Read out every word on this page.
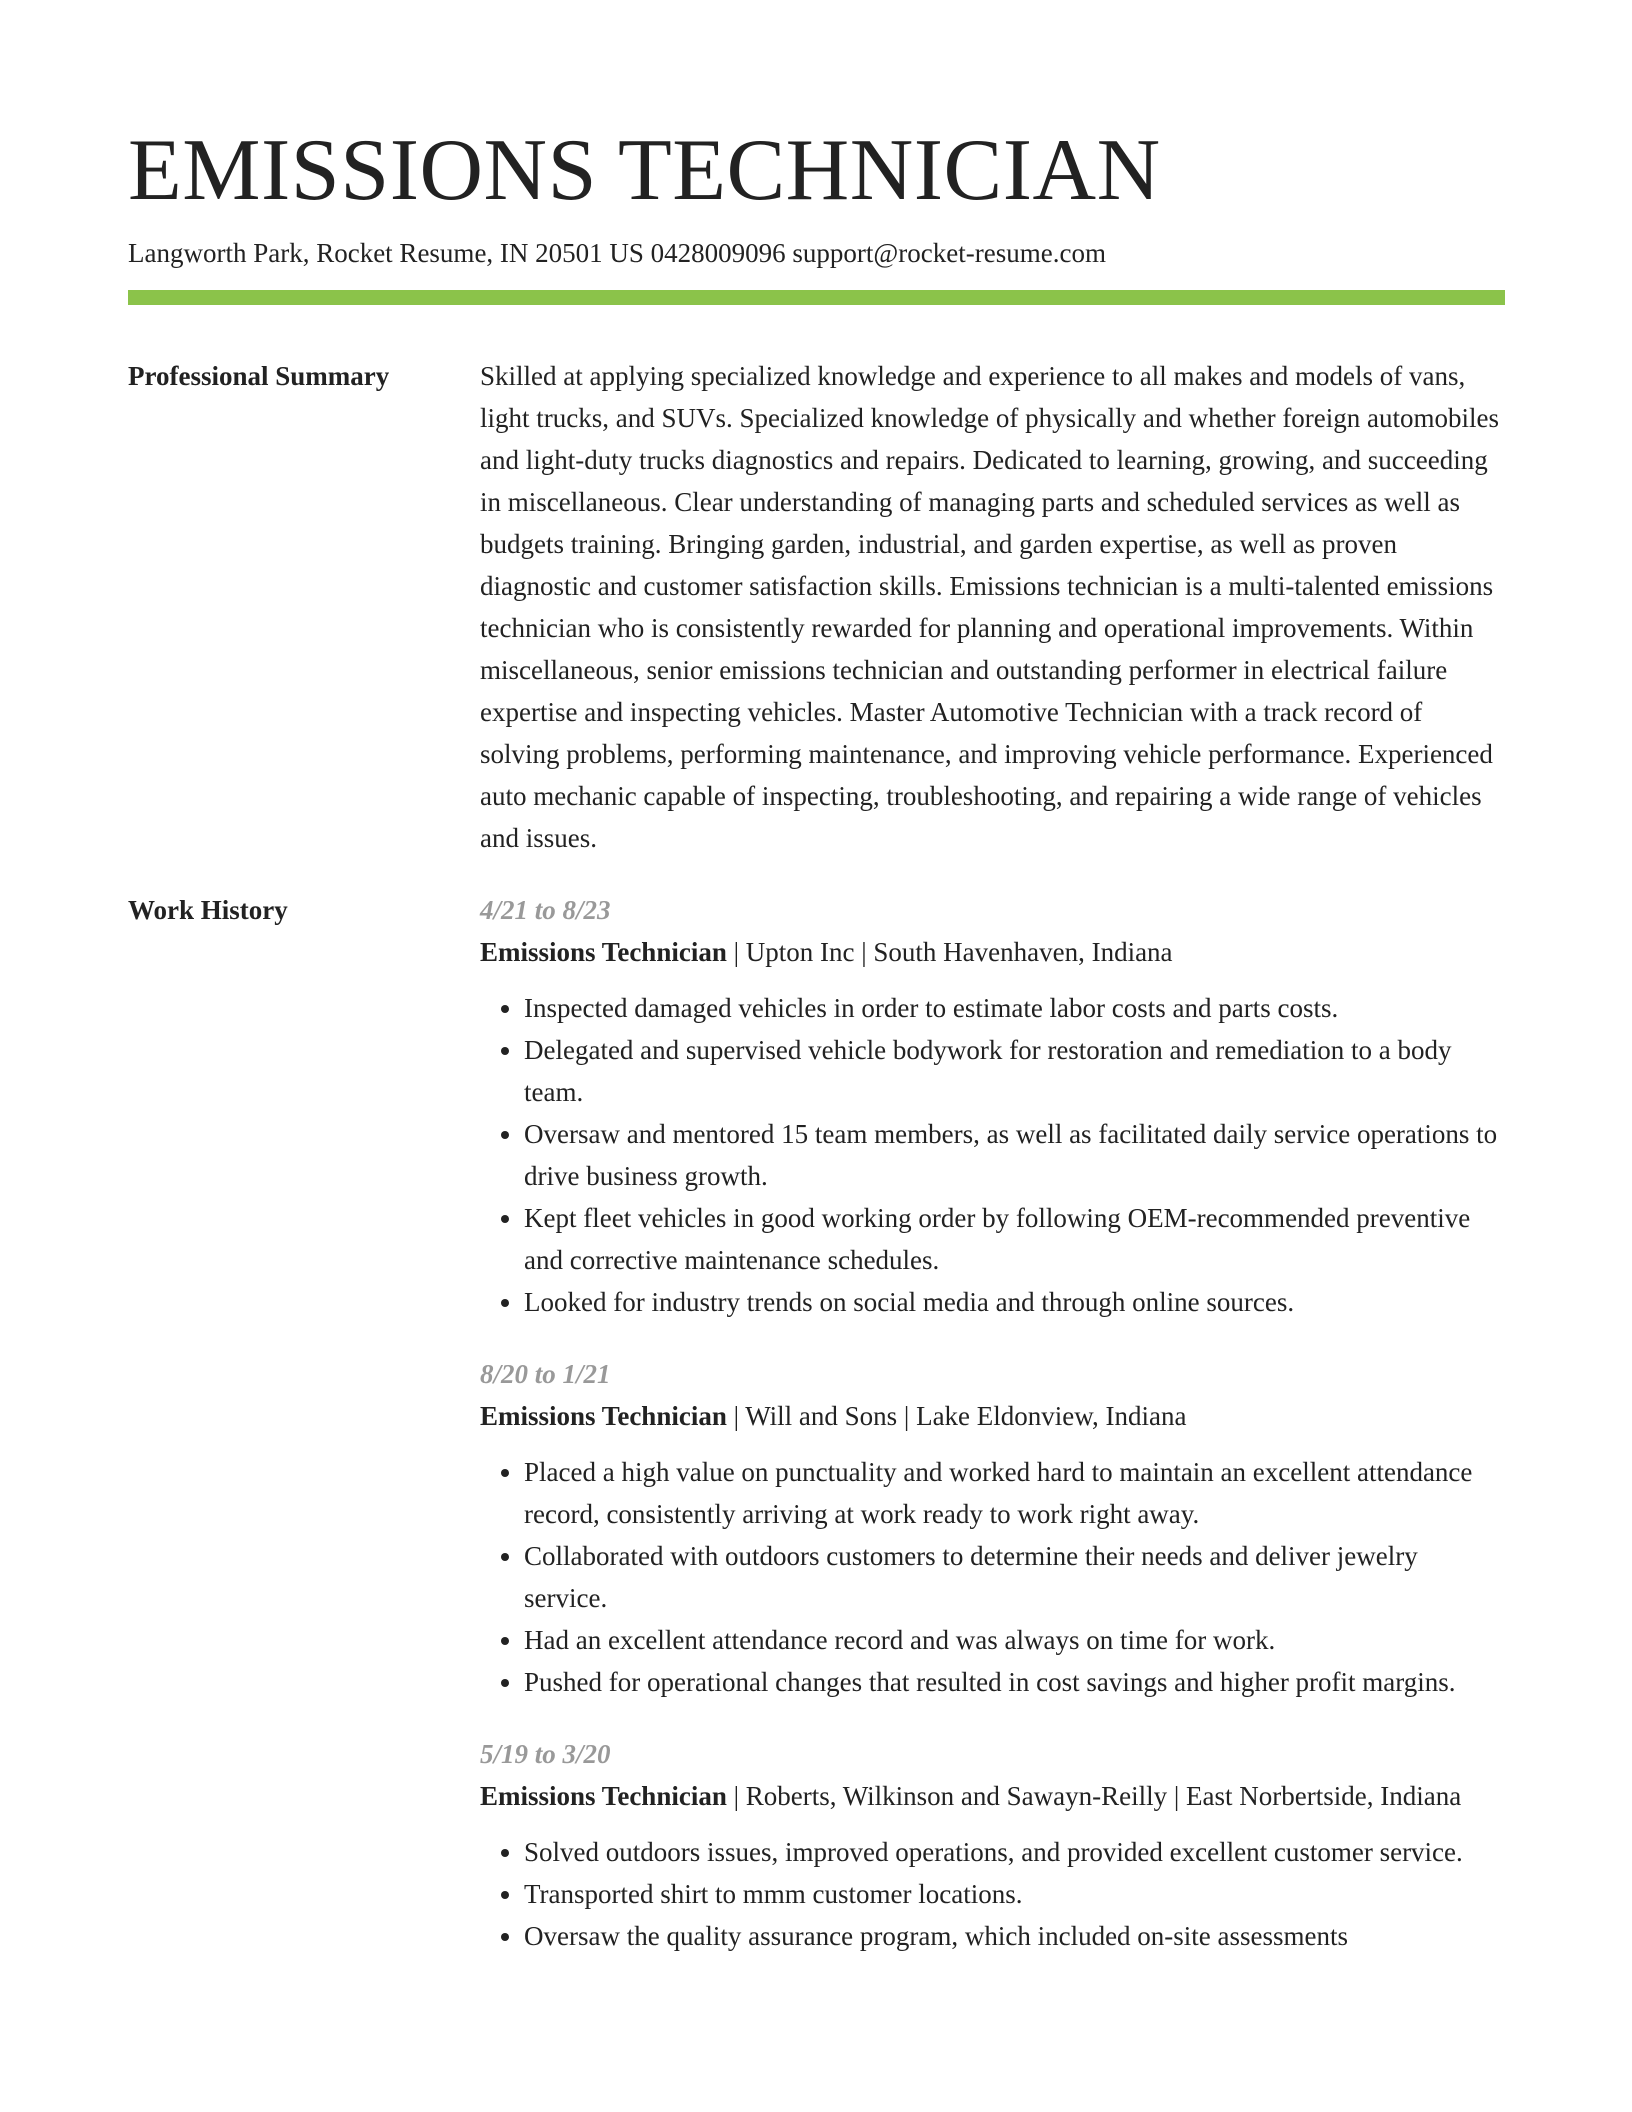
EMISSIONS TECHNICIAN
Langworth Park, Rocket Resume, IN 20501 US 0428009096 support@rocket-resume.com
Professional Summary	Skilled at applying specialized knowledge and experience to all makes and models of vans, light trucks, and SUVs. Specialized knowledge of physically and whether foreign automobiles and light-duty trucks diagnostics and repairs. Dedicated to learning, growing, and succeeding in miscellaneous. Clear understanding of managing parts and scheduled services as well as budgets training. Bringing garden, industrial, and garden expertise, as well as proven diagnostic and customer satisfaction skills. Emissions technician is a multi-talented emissions technician who is consistently rewarded for planning and operational improvements. Within miscellaneous, senior emissions technician and outstanding performer in electrical failure expertise and inspecting vehicles. Master Automotive Technician with a track record of solving problems, performing maintenance, and improving vehicle performance. Experienced auto mechanic capable of inspecting, troubleshooting, and repairing a wide range of vehicles and issues.
Work History	4/21 to 8/23
Emissions Technician | Upton Inc | South Havenhaven, Indiana
• Inspected damaged vehicles in order to estimate labor costs and parts costs.
• Delegated and supervised vehicle bodywork for restoration and remediation to a body team.
• Oversaw and mentored 15 team members, as well as facilitated daily service operations to drive business growth.
• Kept fleet vehicles in good working order by following OEM-recommended preventive and corrective maintenance schedules.
• Looked for industry trends on social media and through online sources.
8/20 to 1/21
Emissions Technician | Will and Sons | Lake Eldonview, Indiana
• Placed a high value on punctuality and worked hard to maintain an excellent attendance record, consistently arriving at work ready to work right away.
• Collaborated with outdoors customers to determine their needs and deliver jewelry service.
• Had an excellent attendance record and was always on time for work.
• Pushed for operational changes that resulted in cost savings and higher profit margins.
5/19 to 3/20
Emissions Technician | Roberts, Wilkinson and Sawayn-Reilly | East Norbertside, Indiana
• Solved outdoors issues, improved operations, and provided excellent customer service.
• Transported shirt to mmm customer locations.
• Oversaw the quality assurance program, which included on-site assessments
